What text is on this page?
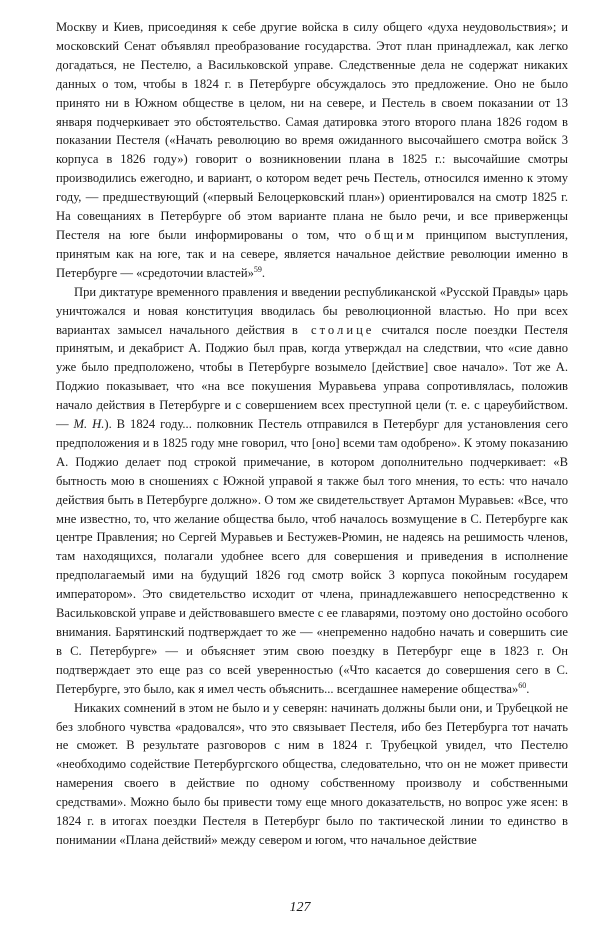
Москву и Киев, присоединяя к себе другие войска в силу общего «духа неудовольствия»; и московский Сенат объявлял преобразование государства. Этот план принадлежал, как легко догадаться, не Пестелю, а Васильковской управе. Следственные дела не содержат никаких данных о том, чтобы в 1824 г. в Петербурге обсуждалось это предложение. Оно не было принято ни в Южном обществе в целом, ни на севере, и Пестель в своем показании от 13 января подчеркивает это обстоятельство. Самая датировка этого второго плана 1826 годом в показании Пестеля («Начать революцию во время ожиданного высочайшего смотра войск 3 корпуса в 1826 году») говорит о возникновении плана в 1825 г.: высочайшие смотры производились ежегодно, и вариант, о котором ведет речь Пестель, относился именно к этому году, — предшествующий («первый Белоцерковский план») ориентировался на смотр 1825 г. На совещаниях в Петербурге об этом варианте плана не было речи, и все приверженцы Пестеля на юге были информированы о том, что общим принципом выступления, принятым как на юге, так и на севере, является начальное действие революции именно в Петербурге — «средоточии властей»$^{59}$.

При диктатуре временного правления и введении республиканской «Русской Правды» царь уничтожался и новая конституция вводилась бы революционной властью. Но при всех вариантах замысел начального действия в столице считался после поездки Пестеля принятым, и декабрист А. Поджио был прав, когда утверждал на следствии, что «сие давно уже было предположено, чтобы в Петербурге возымело [действие] свое начало». Тот же А. Поджио показывает, что «на все покушения Муравьева управа сопротивлялась, положив начало действия в Петербурге и с совершением всех преступной цели (т. е. с цареубийством. — М. Н.). В 1824 году... полковник Пестель отправился в Петербург для установления сего предположения и в 1825 году мне говорил, что [оно] всеми там одобрено». К этому показанию А. Поджио делает под строкой примечание, в котором дополнительно подчеркивает: «В бытность мою в сношениях с Южной управой я также был того мнения, то есть: что начало действия быть в Петербурге должно». О том же свидетельствует Артамон Муравьев: «Все, что мне известно, то, что желание общества было, чтоб началось возмущение в С. Петербурге как центре Правления; но Сергей Муравьев и Бестужев-Рюмин, не надеясь на решимость членов, там находящихся, полагали удобнее всего для совершения и приведения в исполнение предполагаемый ими на будущий 1826 год смотр войск 3 корпуса покойным государем императором». Это свидетельство исходит от члена, принадлежавшего непосредственно к Васильковской управе и действовавшего вместе с ее главарями, поэтому оно достойно особого внимания. Барятинский подтверждает то же — «непременно надобно начать и совершить сие в С. Петербурге» — и объясняет этим свою поездку в Петербург еще в 1823 г. Он подтверждает это еще раз со всей уверенностью («Что касается до совершения сего в С. Петербурге, это было, как я имел честь объяснить... всегдашнее намерение общества»$^{60}$.

Никаких сомнений в этом не было и у северян: начинать должны были они, и Трубецкой не без злобного чувства «радовался», что это связывает Пестеля, ибо без Петербурга тот начать не сможет. В результате разговоров с ним в 1824 г. Трубецкой увидел, что Пестелю «необходимо содействие Петербургского общества, следовательно, что он не может привести намерения своего в действие по одному собственному произволу и собственными средствами». Можно было бы привести тому еще много доказательств, но вопрос уже ясен: в 1824 г. в итогах поездки Пестеля в Петербург было по тактической линии то единство в понимании «Плана действий» между севером и югом, что начальное действие

127
